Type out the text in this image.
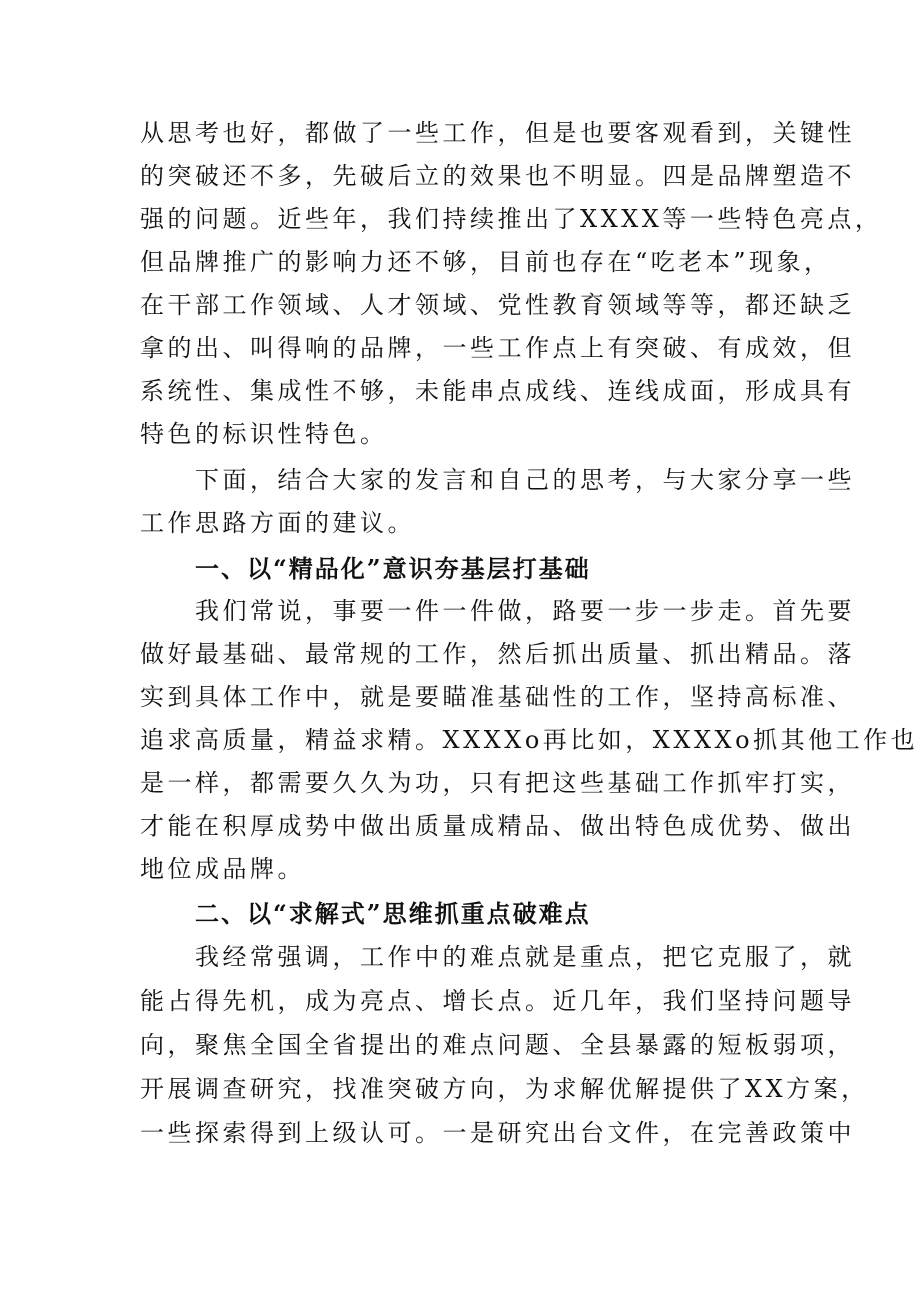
从思考也好，都做了一些工作，但是也要客观看到，关键性
的突破还不多，先破后立的效果也不明显。四是品牌塑造不
强的问题。近些年，我们持续推出了XXXX等一些特色亮点，
但品牌推广的影响力还不够，目前也存在“吃老本”现象，
在干部工作领域、人才领域、党性教育领域等等，都还缺乏
拿的出、叫得响的品牌，一些工作点上有突破、有成效，但
系统性、集成性不够，未能串点成线、连线成面，形成具有
特色的标识性特色。
下面，结合大家的发言和自己的思考，与大家分享一些
工作思路方面的建议。
一、以“精品化”意识夯基层打基础
我们常说，事要一件一件做，路要一步一步走。首先要
做好最基础、最常规的工作，然后抓出质量、抓出精品。落
实到具体工作中，就是要瞄准基础性的工作，坚持高标准、
追求高质量，精益求精。XXXXo再比如，XXXXo抓其他工作也
是一样，都需要久久为功，只有把这些基础工作抓牢打实，
才能在积厚成势中做出质量成精品、做出特色成优势、做出
地位成品牌。
二、以“求解式”思维抓重点破难点
我经常强调，工作中的难点就是重点，把它克服了，就
能占得先机，成为亮点、增长点。近几年，我们坚持问题导
向，聚焦全国全省提出的难点问题、全县暴露的短板弱项，
开展调查研究，找准突破方向，为求解优解提供了XX方案，
一些探索得到上级认可。一是研究出台文件，在完善政策中
